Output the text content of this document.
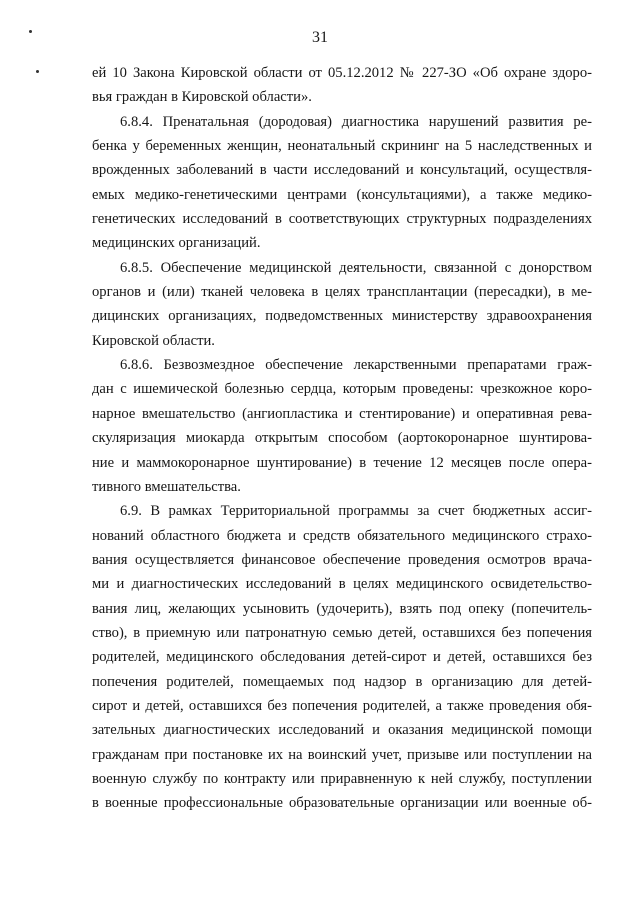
31

ей 10 Закона Кировской области от 05.12.2012 № 227-ЗО «Об охране здоро-
вья граждан в Кировской области».

6.8.4. Пренатальная (дородовая) диагностика нарушений развития ре-
бенка у беременных женщин, неонатальный скрининг на 5 наследственных и
врожденных заболеваний в части исследований и консультаций, осуществля-
емых медико-генетическими центрами (консультациями), а также медико-
генетических исследований в соответствующих структурных подразделениях
медицинских организаций.

6.8.5. Обеспечение медицинской деятельности, связанной с донорством
органов и (или) тканей человека в целях трансплантации (пересадки), в ме-
дицинских организациях, подведомственных министерству здравоохранения
Кировской области.

6.8.6. Безвозмездное обеспечение лекарственными препаратами граж-
дан с ишемической болезнью сердца, которым проведены: чрезкожное коро-
нарное вмешательство (ангиопластика и стентирование) и оперативная рева-
скуляризация миокарда открытым способом (аортокоронарное шунтирова-
ние и маммокоронарное шунтирование) в течение 12 месяцев после опера-
тивного вмешательства.

6.9. В рамках Территориальной программы за счет бюджетных ассиг-
нований областного бюджета и средств обязательного медицинского страхо-
вания осуществляется финансовое обеспечение проведения осмотров врача-
ми и диагностических исследований в целях медицинского освидетельство-
вания лиц, желающих усыновить (удочерить), взять под опеку (попечитель-
ство), в приемную или патронатную семью детей, оставшихся без попечения
родителей, медицинского обследования детей-сирот и детей, оставшихся без
попечения родителей, помещаемых под надзор в организацию для детей-
сирот и детей, оставшихся без попечения родителей, а также проведения обя-
зательных диагностических исследований и оказания медицинской помощи
гражданам при постановке их на воинский учет, призыве или поступлении на
военную службу по контракту или приравненную к ней службу, поступлении
в военные профессиональные образовательные организации или военные об-
